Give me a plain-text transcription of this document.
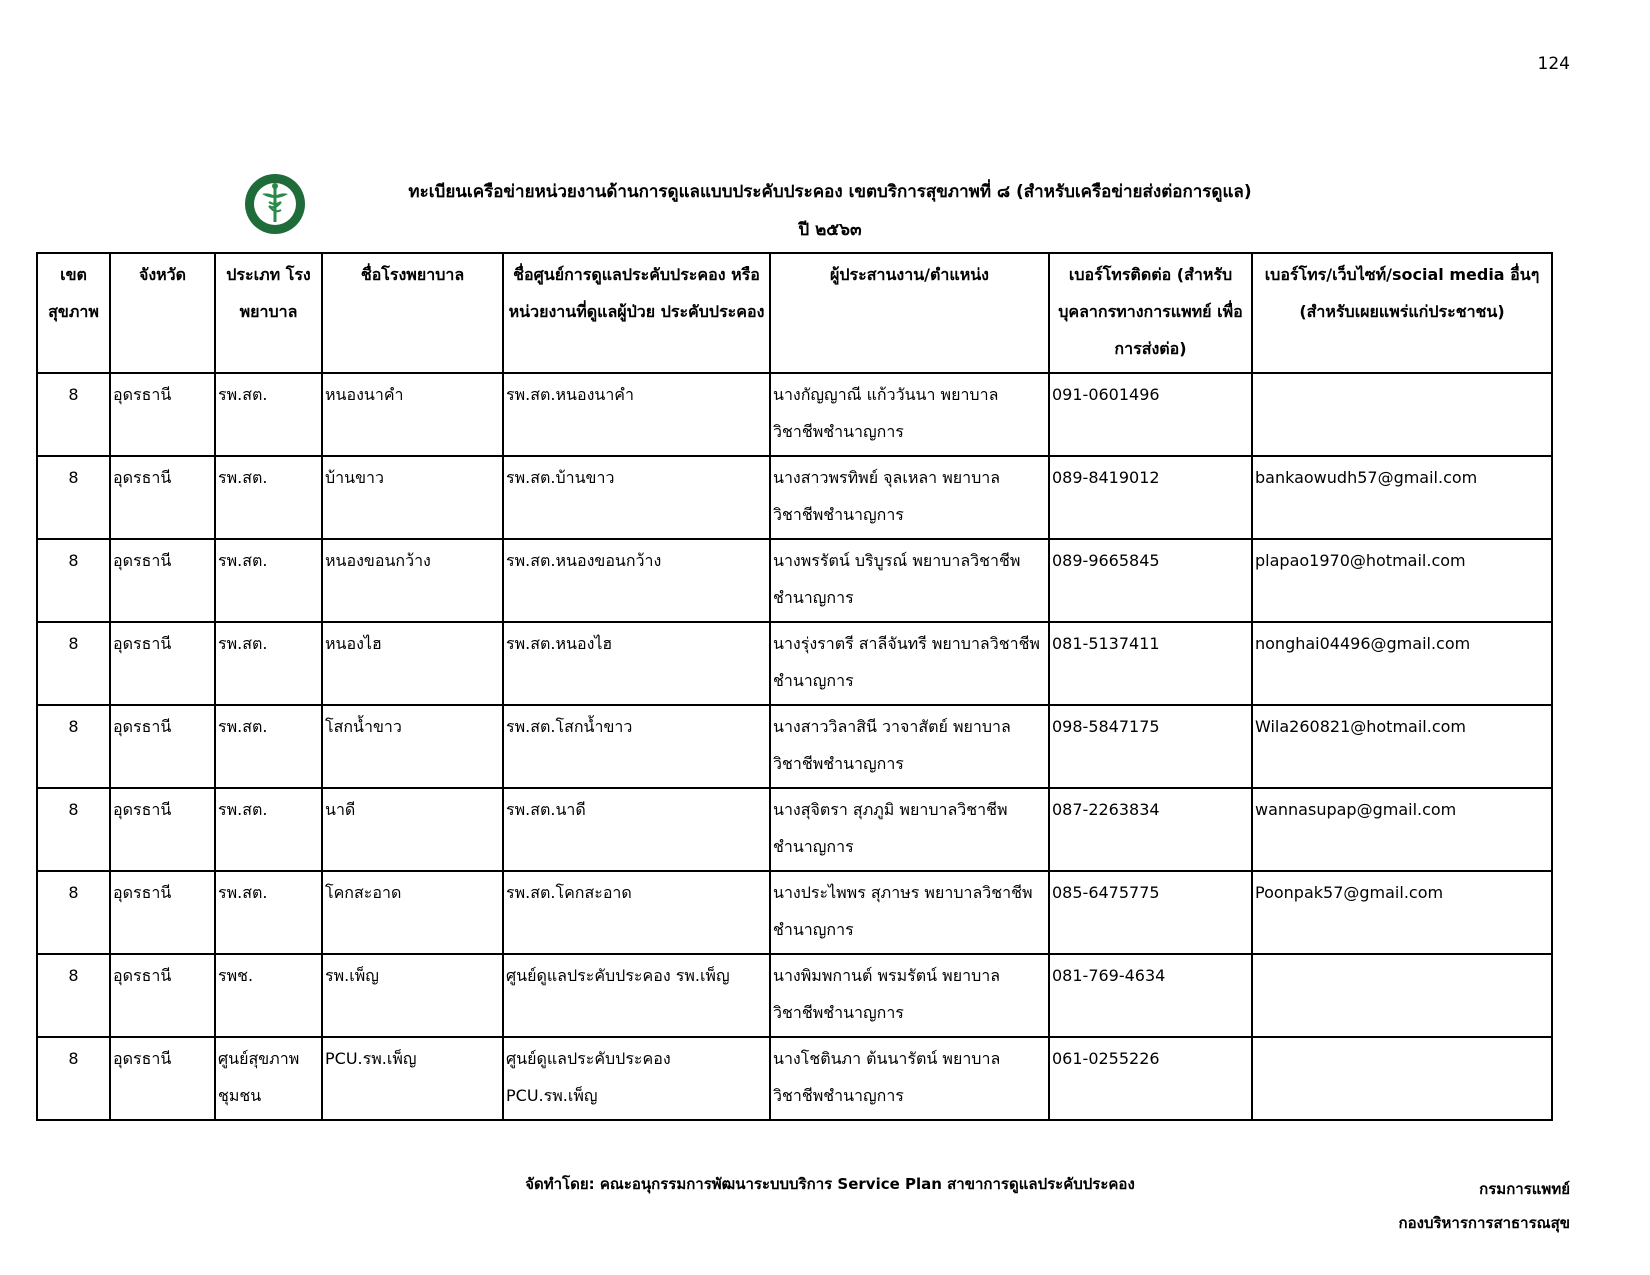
124
ทะเบียนเครือข่ายหน่วยงานด้านการดูแลแบบประคับประคอง เขตบริการสุขภาพที่ ๘ (สำหรับเครือข่ายส่งต่อการดูแล)
ปี ๒๕๖๓
เขต สุขภาพ	จังหวัด	ประเภท โรงพยาบาล	ชื่อโรงพยาบาล	ชื่อศูนย์การดูแลประคับประคอง หรือ หน่วยงานที่ดูแลผู้ป่วย ประคับประคอง	ผู้ประสานงาน/ตำแหน่ง	เบอร์โทรติดต่อ (สำหรับ บุคลากรทางการแพทย์ เพื่อการส่งต่อ)	เบอร์โทร/เว็บไซท์/social media อื่นๆ (สำหรับเผยแพร่แก่ประชาชน)
8	อุดรธานี	รพ.สต.	หนองนาคำ	รพ.สต.หนองนาคำ	นางกัญญาณี แก้ววันนา พยาบาลวิชาชีพชำนาญการ	091-0601496	
8	อุดรธานี	รพ.สต.	บ้านขาว	รพ.สต.บ้านขาว	นางสาวพรทิพย์ จุลเหลา พยาบาลวิชาชีพชำนาญการ	089-8419012	bankaowudh57@gmail.com
8	อุดรธานี	รพ.สต.	หนองขอนกว้าง	รพ.สต.หนองขอนกว้าง	นางพรรัตน์ บริบูรณ์ พยาบาลวิชาชีพชำนาญการ	089-9665845	plapao1970@hotmail.com
8	อุดรธานี	รพ.สต.	หนองไฮ	รพ.สต.หนองไฮ	นางรุ่งราตรี สาลีจันทรี พยาบาลวิชาชีพชำนาญการ	081-5137411	nonghai04496@gmail.com
8	อุดรธานี	รพ.สต.	โสกน้ำขาว	รพ.สต.โสกน้ำขาว	นางสาววิลาสินี วาจาสัตย์ พยาบาลวิชาชีพชำนาญการ	098-5847175	Wila260821@hotmail.com
8	อุดรธานี	รพ.สต.	นาดี	รพ.สต.นาดี	นางสุจิตรา สุภภูมิ พยาบาลวิชาชีพชำนาญการ	087-2263834	wannasupap@gmail.com
8	อุดรธานี	รพ.สต.	โคกสะอาด	รพ.สต.โคกสะอาด	นางประไพพร สุภาษร พยาบาลวิชาชีพชำนาญการ	085-6475775	Poonpak57@gmail.com
8	อุดรธานี	รพช.	รพ.เพ็ญ	ศูนย์ดูแลประคับประคอง รพ.เพ็ญ	นางพิมพกานต์ พรมรัตน์ พยาบาลวิชาชีพชำนาญการ	081-769-4634	
8	อุดรธานี	ศูนย์สุขภาพชุมชน	PCU.รพ.เพ็ญ	ศูนย์ดูแลประคับประคอง PCU.รพ.เพ็ญ	นางโชตินภา ต้นนารัตน์ พยาบาลวิชาชีพชำนาญการ	061-0255226	
จัดทำโดย: คณะอนุกรรมการพัฒนาระบบบริการ Service Plan สาขาการดูแลประคับประคอง	กรมการแพทย์
กองบริหารการสาธารณสุข
